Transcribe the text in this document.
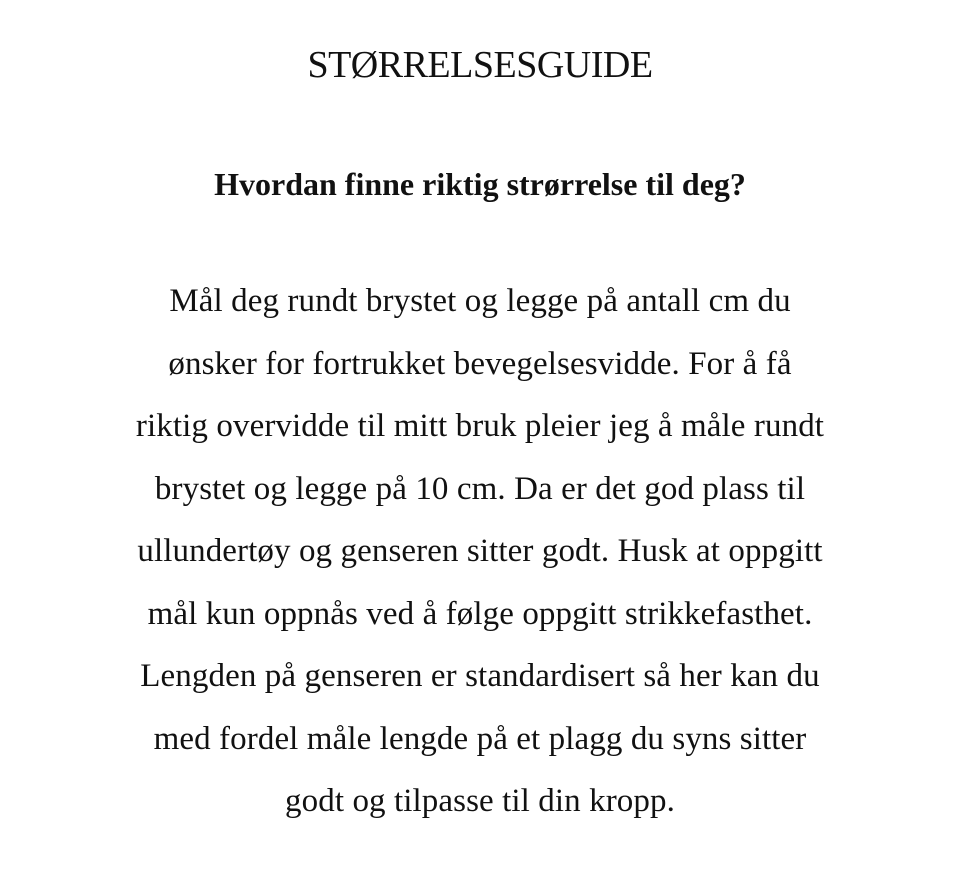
STØRRELSESGUIDE
Hvordan finne riktig strørrelse til deg?
Mål deg rundt brystet og legge på antall cm du
ønsker for fortrukket bevegelsesvidde. For å få
riktig overvidde til mitt bruk pleier jeg å måle rundt
brystet og legge på 10 cm. Da er det god plass til
ullundertøy og genseren sitter godt. Husk at oppgitt
mål kun oppnås ved å følge oppgitt strikkefasthet.
Lengden på genseren er standardisert så her kan du
med fordel måle lengde på et plagg du syns sitter
godt og tilpasse til din kropp.
